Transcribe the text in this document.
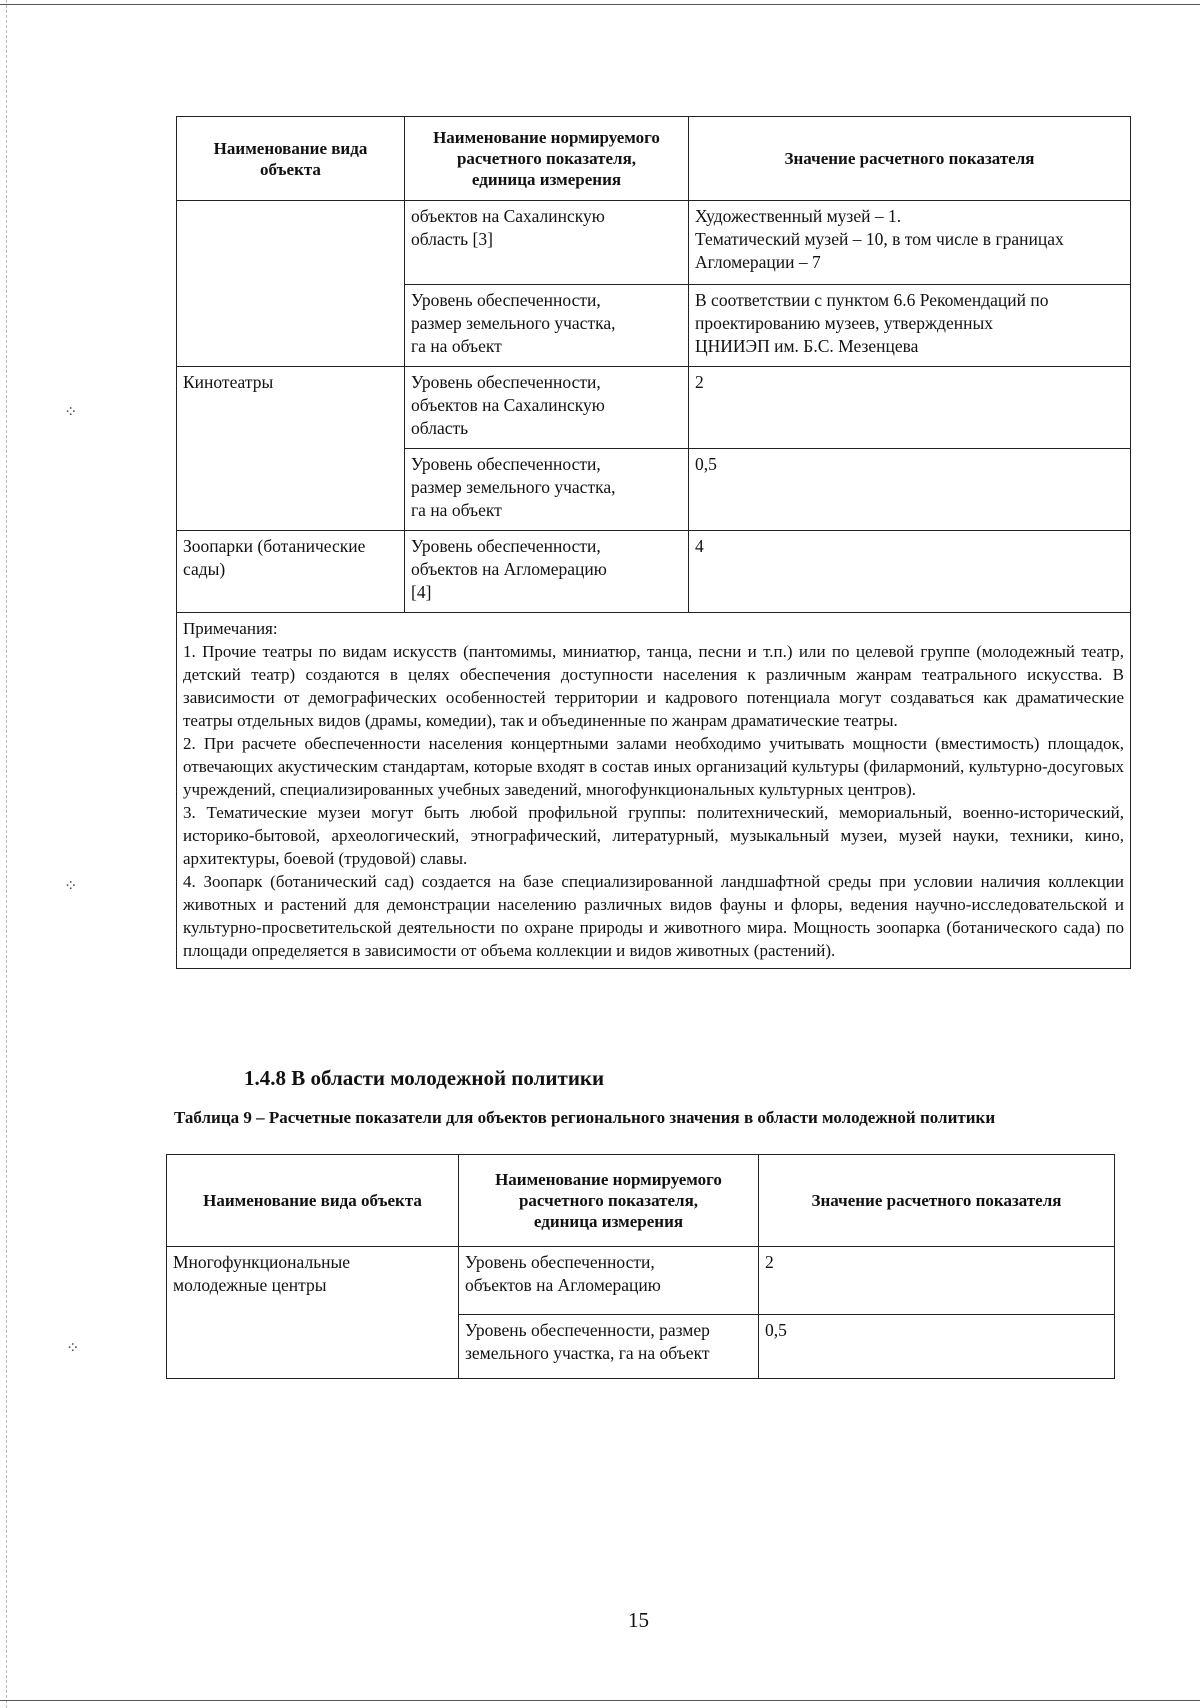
Наименование вида
объекта	Наименование нормируемого
расчетного показателя,
единица измерения	Значение расчетного показателя
	объектов на Сахалинскую
область [3]	Художественный музей – 1.
Тематический музей – 10, в том числе в границах
Агломерации – 7
	Уровень обеспеченности,
размер земельного участка,
га на объект	В соответствии с пунктом 6.6 Рекомендаций по
проектированию музеев, утвержденных
ЦНИИЭП им. Б.С. Мезенцева
Кинотеатры	Уровень обеспеченности,
объектов на Сахалинскую
область	2
	Уровень обеспеченности,
размер земельного участка,
га на объект	0,5
Зоопарки (ботанические
сады)	Уровень обеспеченности,
объектов на Агломерацию
[4]	4

Примечания:
1. Прочие театры по видам искусств (пантомимы, миниатюр, танца, песни и т.п.) или по целевой группе (молодежный театр, детский театр) создаются в целях обеспечения доступности населения к различным жанрам театрального искусства. В зависимости от демографических особенностей территории и кадрового потенциала могут создаваться как драматические театры отдельных видов (драмы, комедии), так и объединенные по жанрам драматические театры.
2. При расчете обеспеченности населения концертными залами необходимо учитывать мощности (вместимость) площадок, отвечающих акустическим стандартам, которые входят в состав иных организаций культуры (филармоний, культурно-досуговых учреждений, специализированных учебных заведений, многофункциональных культурных центров).
3. Тематические музеи могут быть любой профильной группы: политехнический, мемориальный, военно-исторический, историко-бытовой, археологический, этнографический, литературный, музыкальный музеи, музей науки, техники, кино, архитектуры, боевой (трудовой) славы.
4. Зоопарк (ботанический сад) создается на базе специализированной ландшафтной среды при условии наличия коллекции животных и растений для демонстрации населению различных видов фауны и флоры, ведения научно-исследовательской и культурно-просветительской деятельности по охране природы и животного мира. Мощность зоопарка (ботанического сада) по площади определяется в зависимости от объема коллекции и видов животных (растений).		
1.4.8 В области молодежной политики

Таблица 9 – Расчетные показатели для объектов регионального значения в области молодежной политики

Наименование вида объекта	Наименование нормируемого
расчетного показателя,
единица измерения	Значение расчетного показателя
Многофункциональные
молодежные центры	Уровень обеспеченности,
объектов на Агломерацию	2
	Уровень обеспеченности, размер
земельного участка, га на объект	0,5
15
⁘
⁘
⁘
